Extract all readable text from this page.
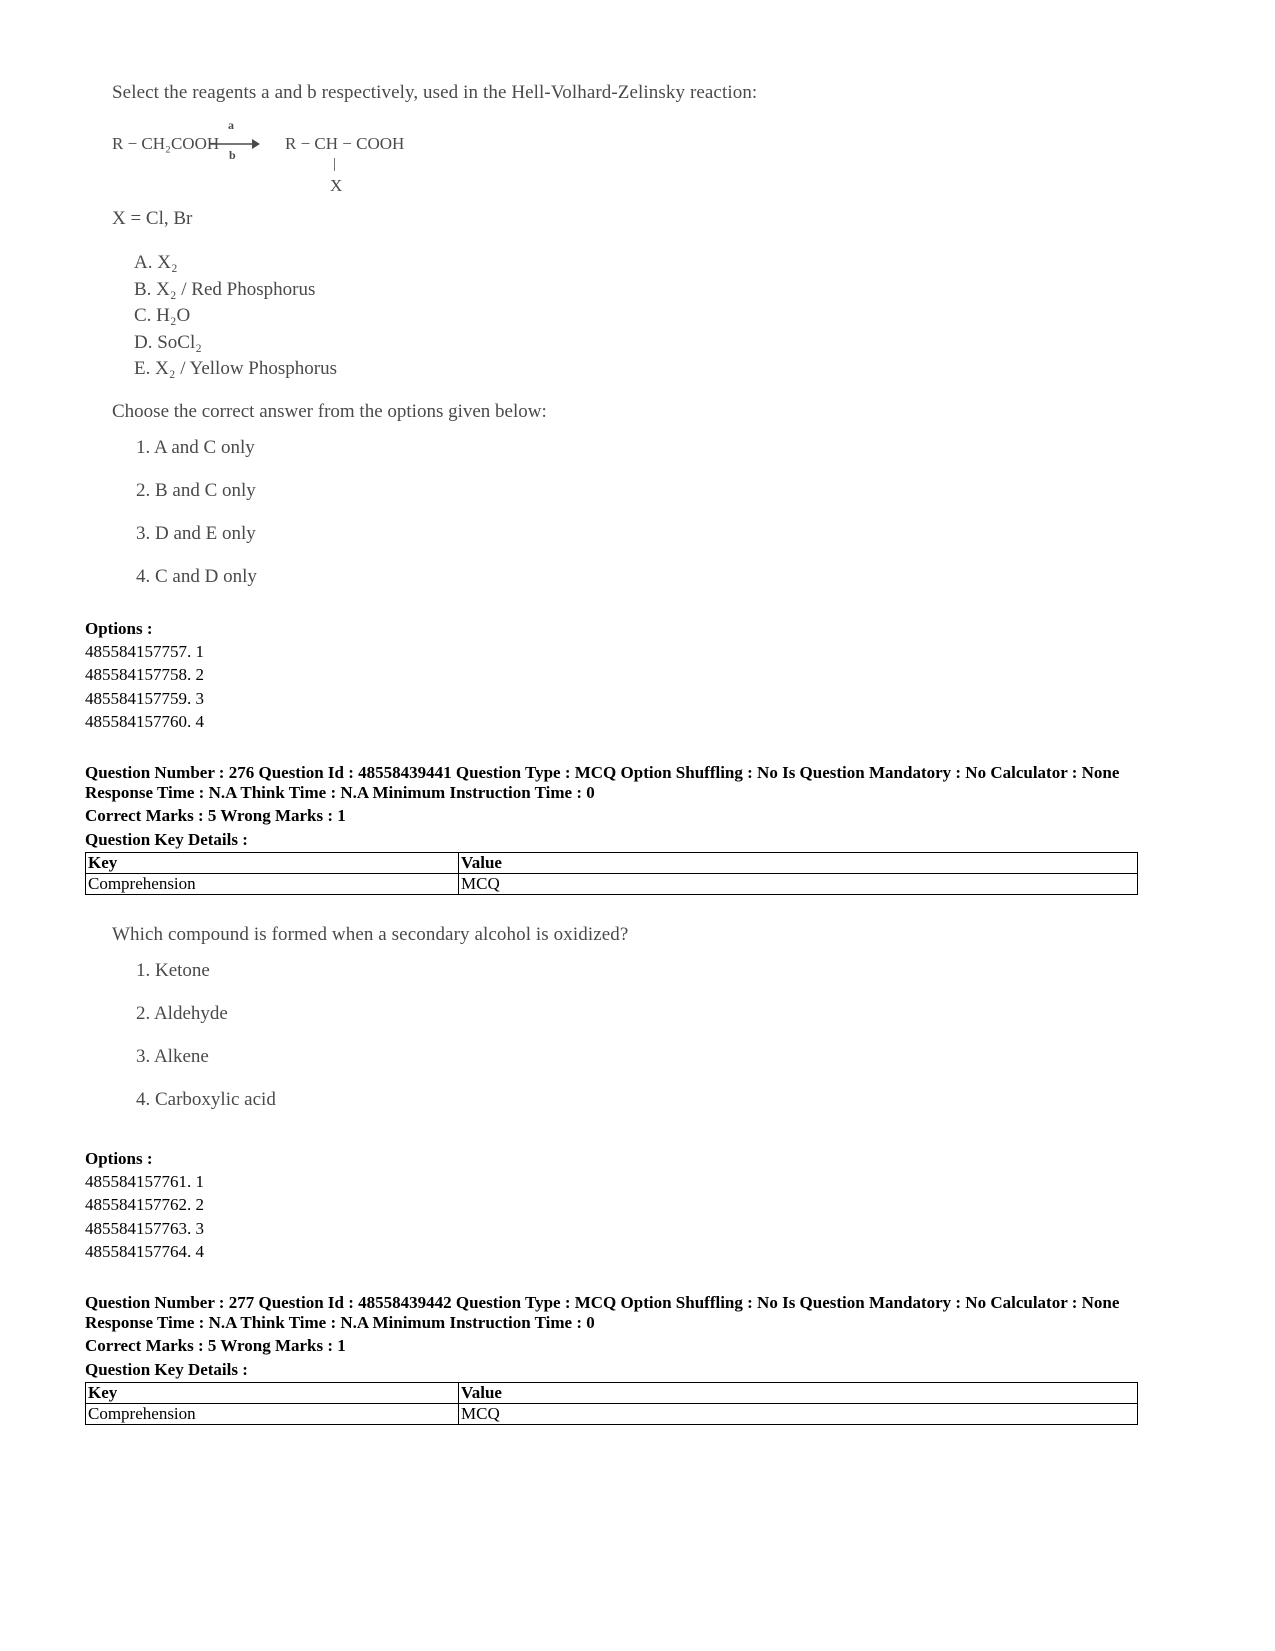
Select the reagents a and b respectively, used in the Hell-Volhard-Zelinsky reaction:
R − CH₂COOH
a
b
R − CH − COOH
|
X
X = Cl, Br
A. X₂
B. X₂ / Red Phosphorus
C. H₂O
D. SoCl₂
E. X₂ / Yellow Phosphorus
Choose the correct answer from the options given below:
1. A and C only
2. B and C only
3. D and E only
4. C and D only
Options :
485584157757. 1
485584157758. 2
485584157759. 3
485584157760. 4
Question Number : 276 Question Id : 48558439441 Question Type : MCQ Option Shuffling : No Is Question Mandatory : No Calculator : None
Response Time : N.A Think Time : N.A Minimum Instruction Time : 0
Correct Marks : 5 Wrong Marks : 1
Question Key Details :
Key	Value
Comprehension	MCQ
Which compound is formed when a secondary alcohol is oxidized?
1. Ketone
2. Aldehyde
3. Alkene
4. Carboxylic acid
Options :
485584157761. 1
485584157762. 2
485584157763. 3
485584157764. 4
Question Number : 277 Question Id : 48558439442 Question Type : MCQ Option Shuffling : No Is Question Mandatory : No Calculator : None
Response Time : N.A Think Time : N.A Minimum Instruction Time : 0
Correct Marks : 5 Wrong Marks : 1
Question Key Details :
Key	Value
Comprehension	MCQ
